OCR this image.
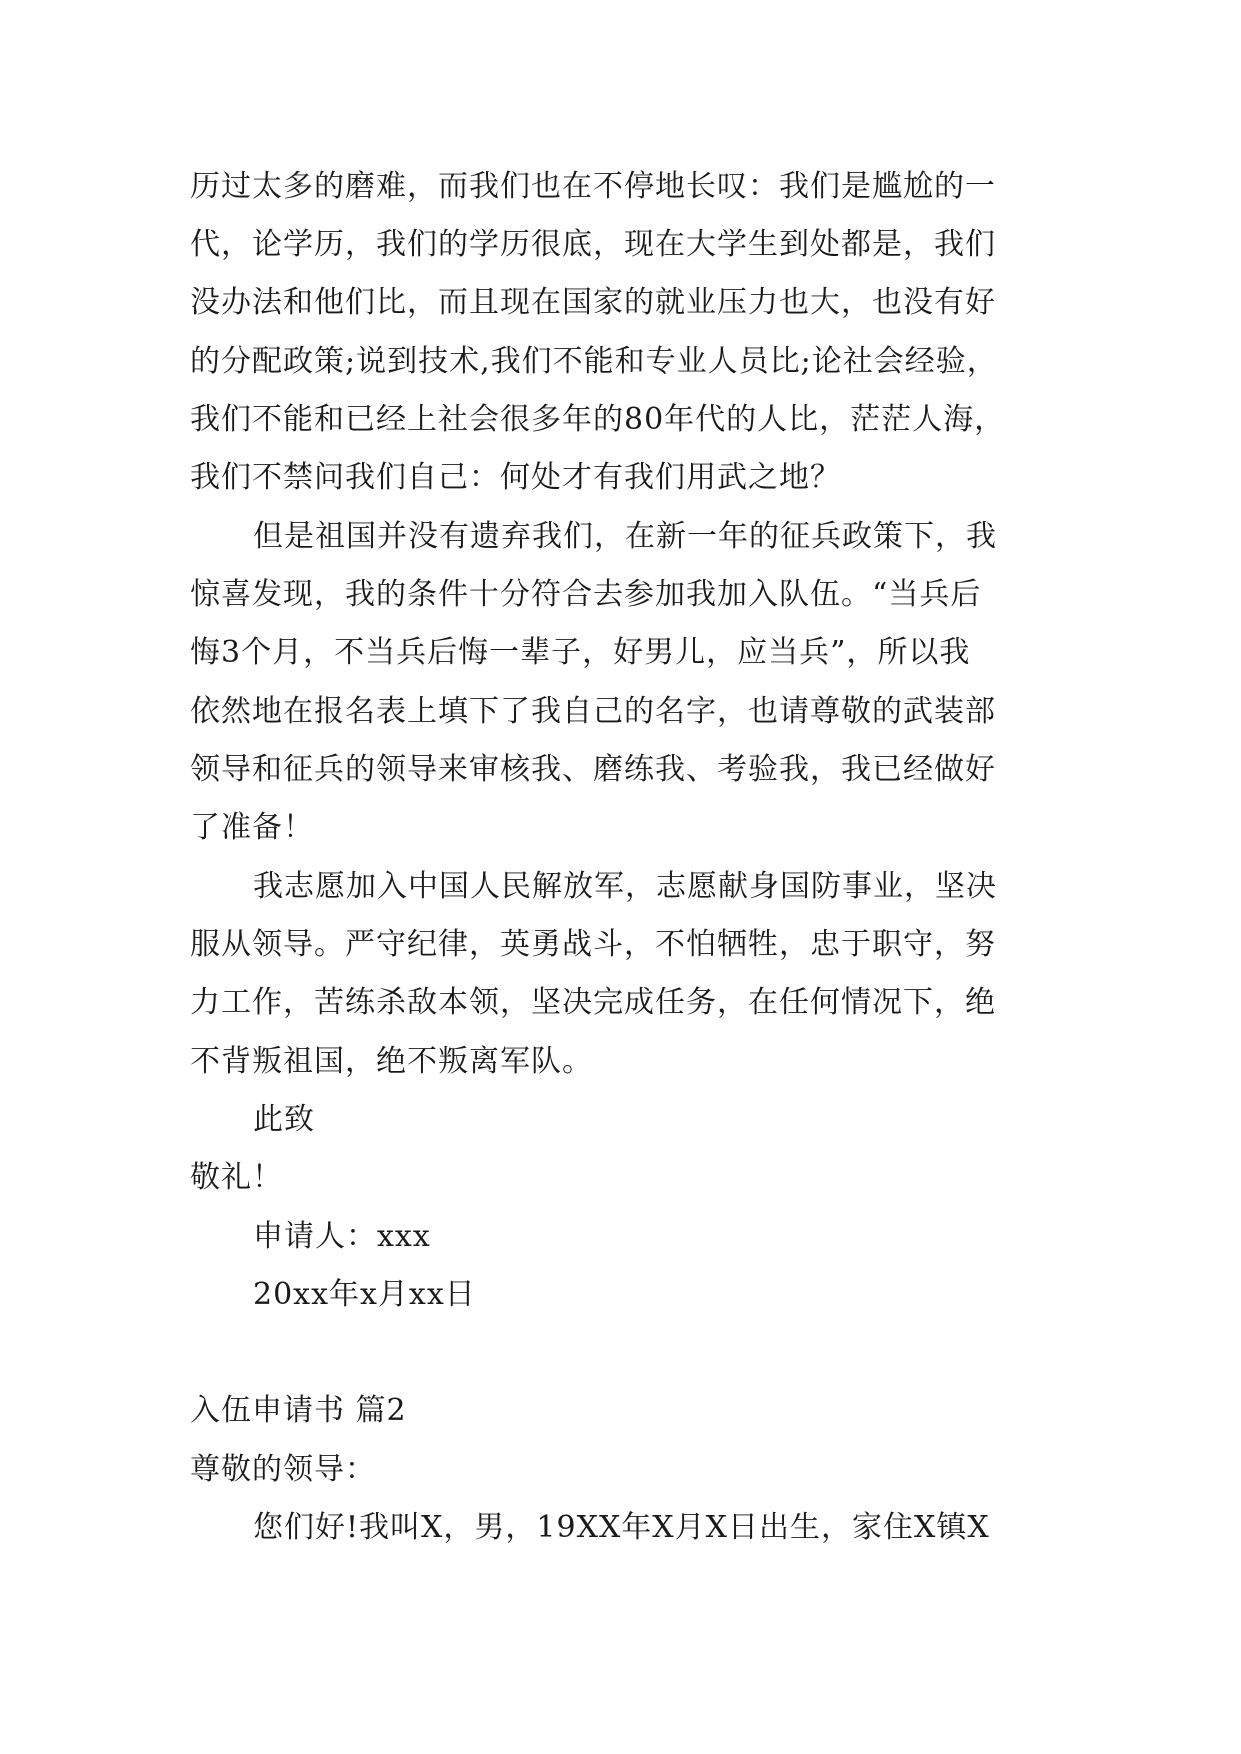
历过太多的磨难，而我们也在不停地长叹：我们是尴尬的一
代，论学历，我们的学历很底，现在大学生到处都是，我们
没办法和他们比，而且现在国家的就业压力也大，也没有好
的分配政策;说到技术,我们不能和专业人员比;论社会经验，
我们不能和已经上社会很多年的80年代的人比，茫茫人海，
我们不禁问我们自己：何处才有我们用武之地？
但是祖国并没有遗弃我们，在新一年的征兵政策下，我
惊喜发现，我的条件十分符合去参加我加入队伍。“当兵后
悔3个月，不当兵后悔一辈子，好男儿，应当兵”，所以我
依然地在报名表上填下了我自己的名字，也请尊敬的武装部
领导和征兵的领导来审核我、磨练我、考验我，我已经做好
了准备！
我志愿加入中国人民解放军，志愿献身国防事业，坚决
服从领导。严守纪律，英勇战斗，不怕牺牲，忠于职守，努
力工作，苦练杀敌本领，坚决完成任务，在任何情况下，绝
不背叛祖国，绝不叛离军队。
此致
敬礼！
申请人：xxx
20xx年x月xx日
入伍申请书 篇2
尊敬的领导：
您们好!我叫X，男，19XX年X月X日出生，家住X镇X
